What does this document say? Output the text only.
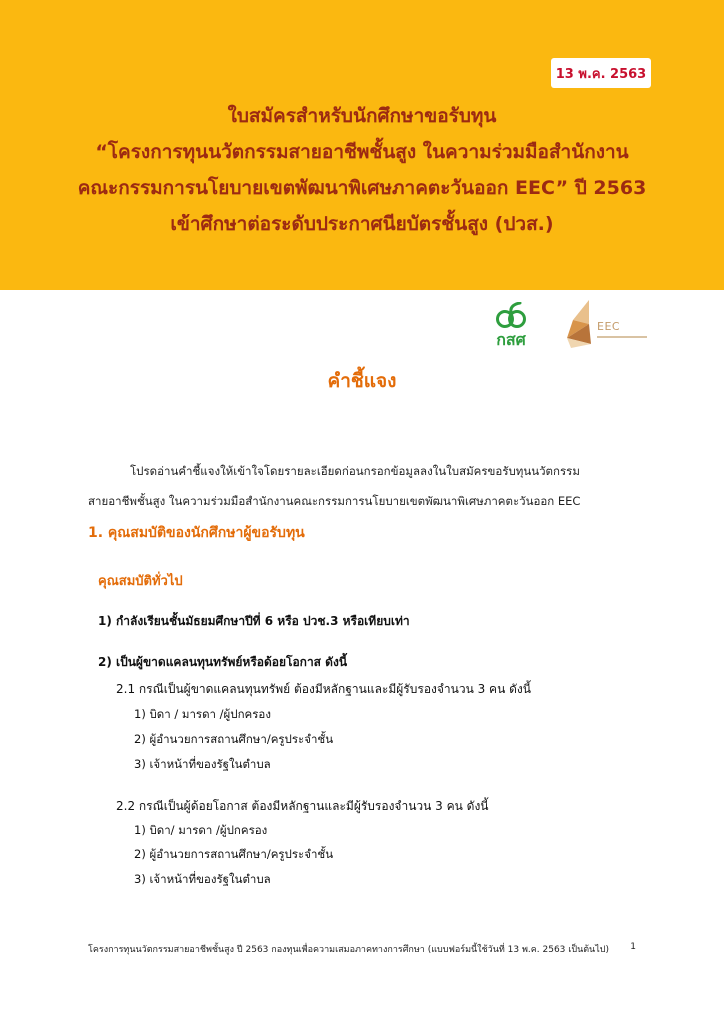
13 พ.ค. 2563
ใบสมัครสำหรับนักศึกษาขอรับทุน
“โครงการทุนนวัตกรรมสายอาชีพชั้นสูง ในความร่วมมือสำนักงาน
คณะกรรมการนโยบายเขตพัฒนาพิเศษภาคตะวันออก EEC” ปี 2563
เข้าศึกษาต่อระดับประกาศนียบัตรชั้นสูง (ปวส.)
กสศ
EEC
คำชี้แจง
โปรดอ่านคำชี้แจงให้เข้าใจโดยรายละเอียดก่อนกรอกข้อมูลลงในใบสมัครขอรับทุนนวัตกรรม
สายอาชีพชั้นสูง ในความร่วมมือสำนักงานคณะกรรมการนโยบายเขตพัฒนาพิเศษภาคตะวันออก EEC
1. คุณสมบัติของนักศึกษาผู้ขอรับทุน
คุณสมบัติทั่วไป
1) กำลังเรียนชั้นมัธยมศึกษาปีที่ 6 หรือ ปวช.3 หรือเทียบเท่า
2) เป็นผู้ขาดแคลนทุนทรัพย์หรือด้อยโอกาส ดังนี้
2.1 กรณีเป็นผู้ขาดแคลนทุนทรัพย์ ต้องมีหลักฐานและมีผู้รับรองจำนวน 3 คน ดังนี้
1) บิดา / มารดา /ผู้ปกครอง
2) ผู้อำนวยการสถานศึกษา/ครูประจำชั้น
3) เจ้าหน้าที่ของรัฐในตำบล
2.2 กรณีเป็นผู้ด้อยโอกาส ต้องมีหลักฐานและมีผู้รับรองจำนวน 3 คน ดังนี้
1) บิดา/ มารดา /ผู้ปกครอง
2) ผู้อำนวยการสถานศึกษา/ครูประจำชั้น
3) เจ้าหน้าที่ของรัฐในตำบล
โครงการทุนนวัตกรรมสายอาชีพชั้นสูง ปี 2563 กองทุนเพื่อความเสมอภาคทางการศึกษา (แบบฟอร์มนี้ใช้วันที่ 13 พ.ค. 2563 เป็นต้นไป) 1
